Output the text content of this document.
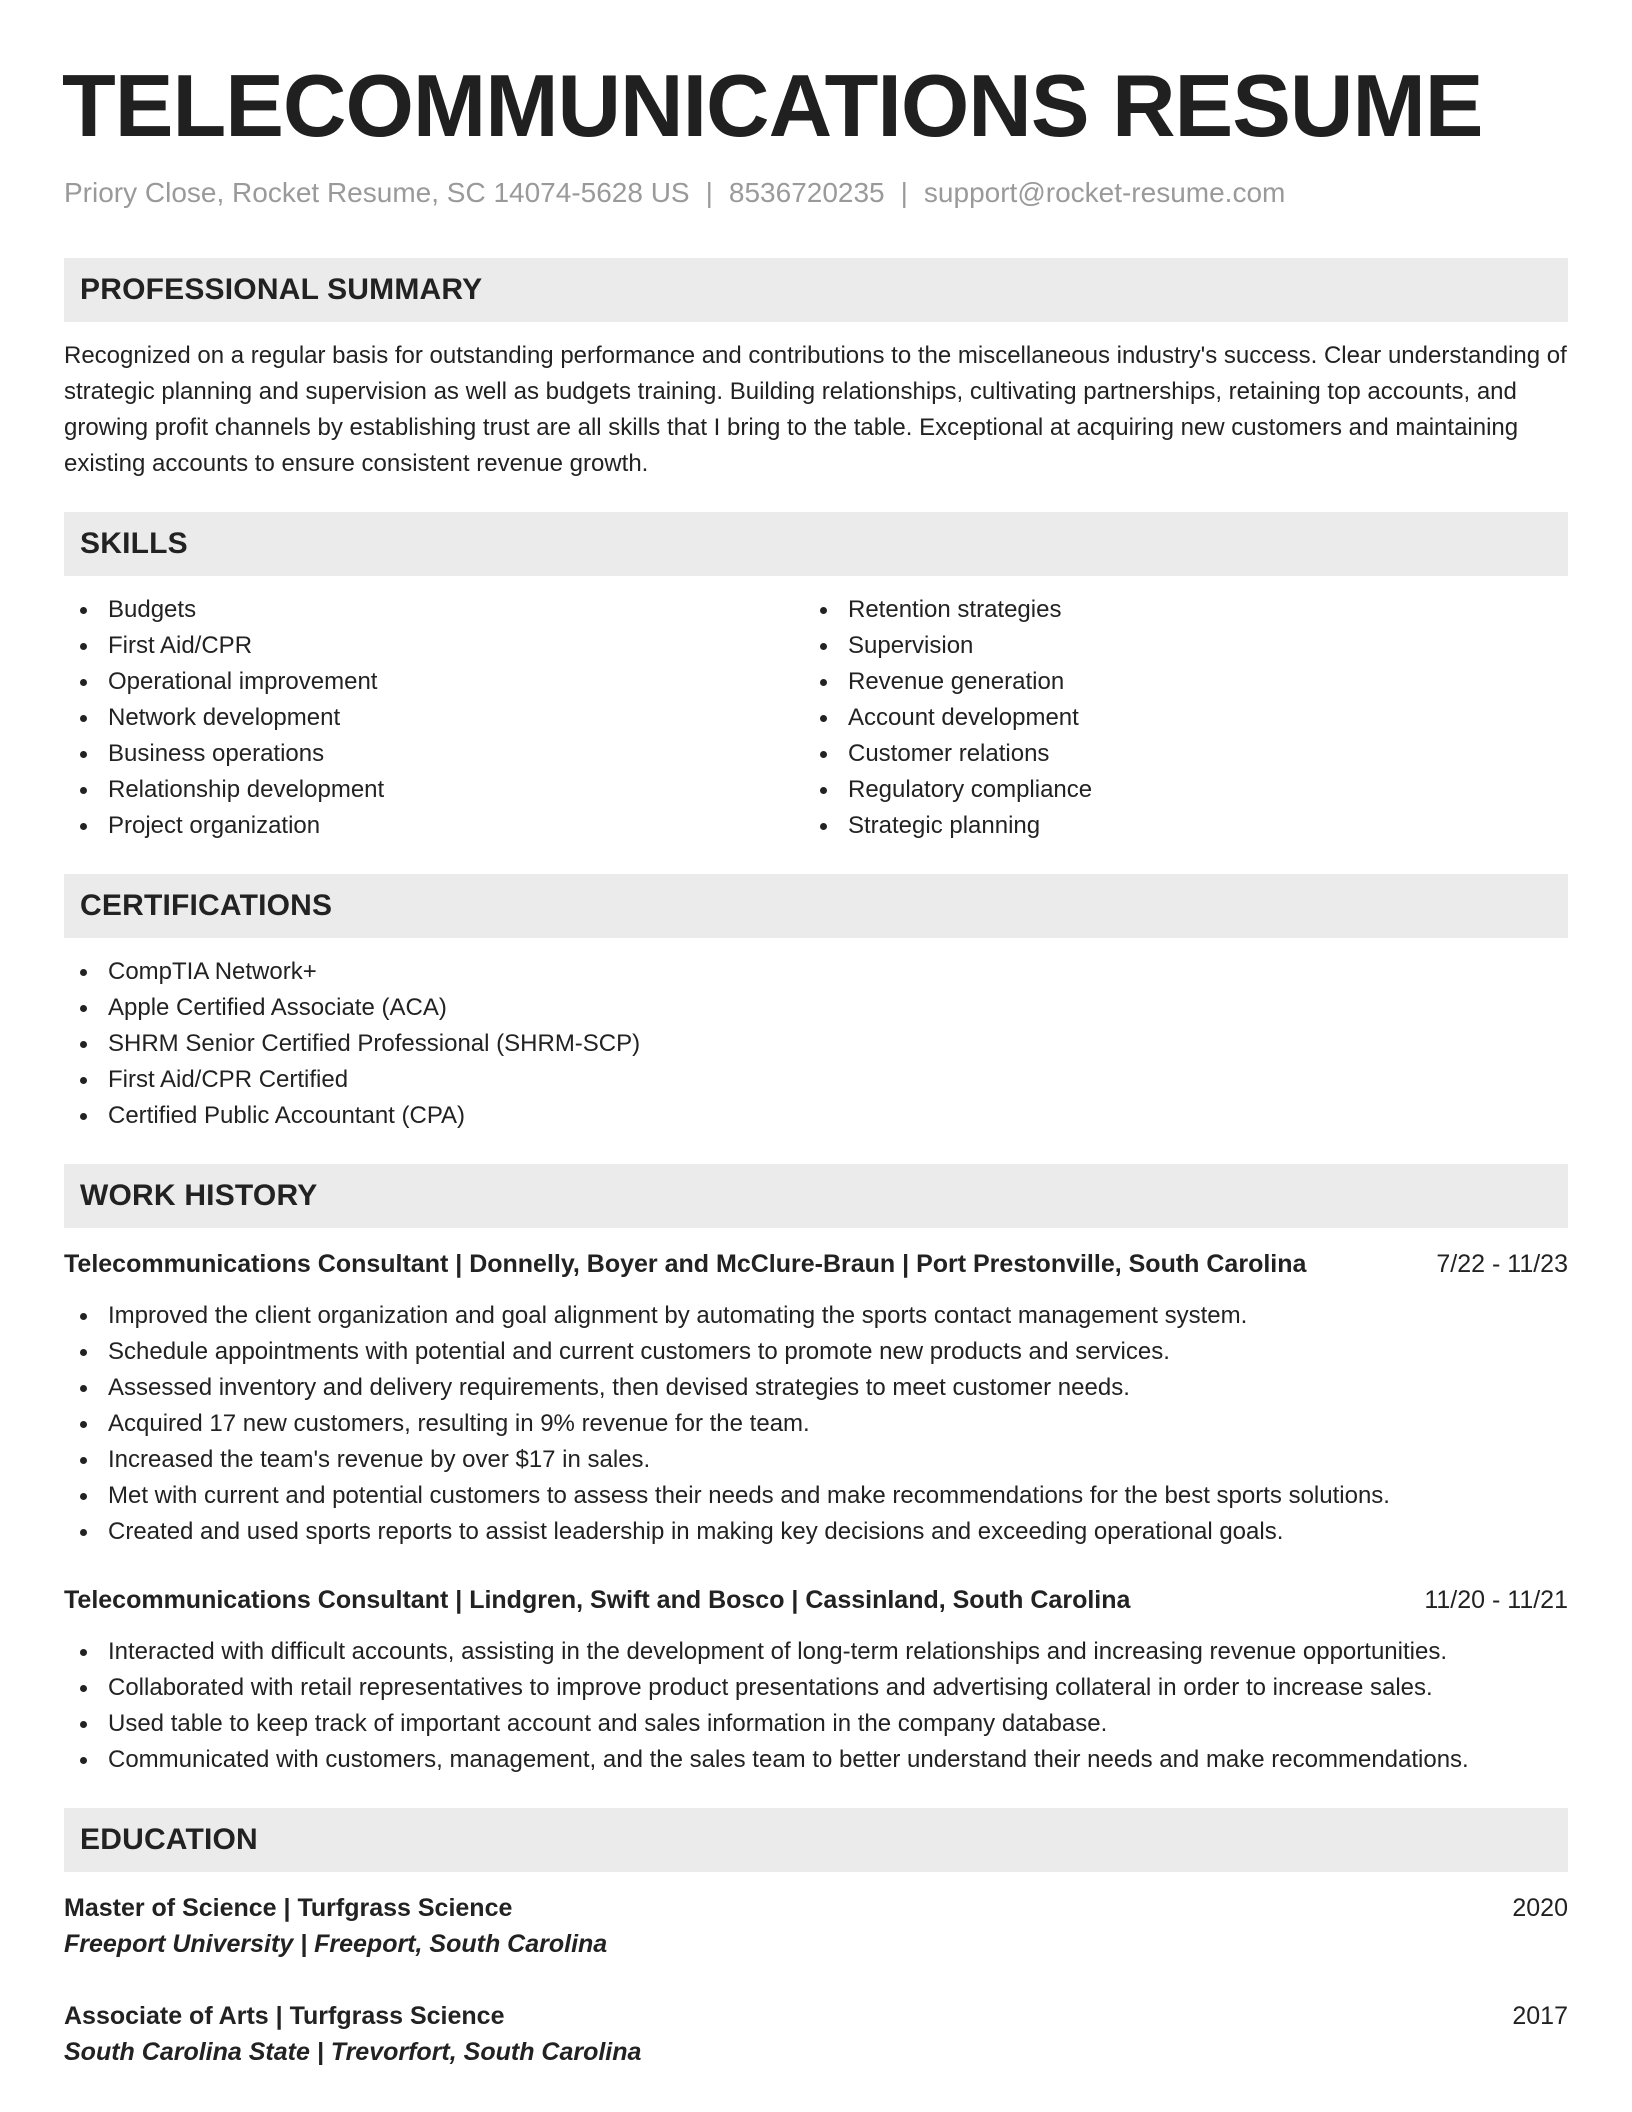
TELECOMMUNICATIONS RESUME
Priory Close, Rocket Resume, SC 14074-5628 US | 8536720235 | support@rocket-resume.com
PROFESSIONAL SUMMARY
Recognized on a regular basis for outstanding performance and contributions to the miscellaneous industry's success. Clear understanding of strategic planning and supervision as well as budgets training. Building relationships, cultivating partnerships, retaining top accounts, and growing profit channels by establishing trust are all skills that I bring to the table. Exceptional at acquiring new customers and maintaining existing accounts to ensure consistent revenue growth.
SKILLS
Budgets
First Aid/CPR
Operational improvement
Network development
Business operations
Relationship development
Project organization
Retention strategies
Supervision
Revenue generation
Account development
Customer relations
Regulatory compliance
Strategic planning
CERTIFICATIONS
CompTIA Network+
Apple Certified Associate (ACA)
SHRM Senior Certified Professional (SHRM-SCP)
First Aid/CPR Certified
Certified Public Accountant (CPA)
WORK HISTORY
Telecommunications Consultant | Donnelly, Boyer and McClure-Braun | Port Prestonville, South Carolina	7/22 - 11/23
Improved the client organization and goal alignment by automating the sports contact management system.
Schedule appointments with potential and current customers to promote new products and services.
Assessed inventory and delivery requirements, then devised strategies to meet customer needs.
Acquired 17 new customers, resulting in 9% revenue for the team.
Increased the team's revenue by over $17 in sales.
Met with current and potential customers to assess their needs and make recommendations for the best sports solutions.
Created and used sports reports to assist leadership in making key decisions and exceeding operational goals.
Telecommunications Consultant | Lindgren, Swift and Bosco | Cassinland, South Carolina	11/20 - 11/21
Interacted with difficult accounts, assisting in the development of long-term relationships and increasing revenue opportunities.
Collaborated with retail representatives to improve product presentations and advertising collateral in order to increase sales.
Used table to keep track of important account and sales information in the company database.
Communicated with customers, management, and the sales team to better understand their needs and make recommendations.
EDUCATION
Master of Science | Turfgrass Science	2020
Freeport University | Freeport, South Carolina
Associate of Arts | Turfgrass Science	2017
South Carolina State | Trevorfort, South Carolina
